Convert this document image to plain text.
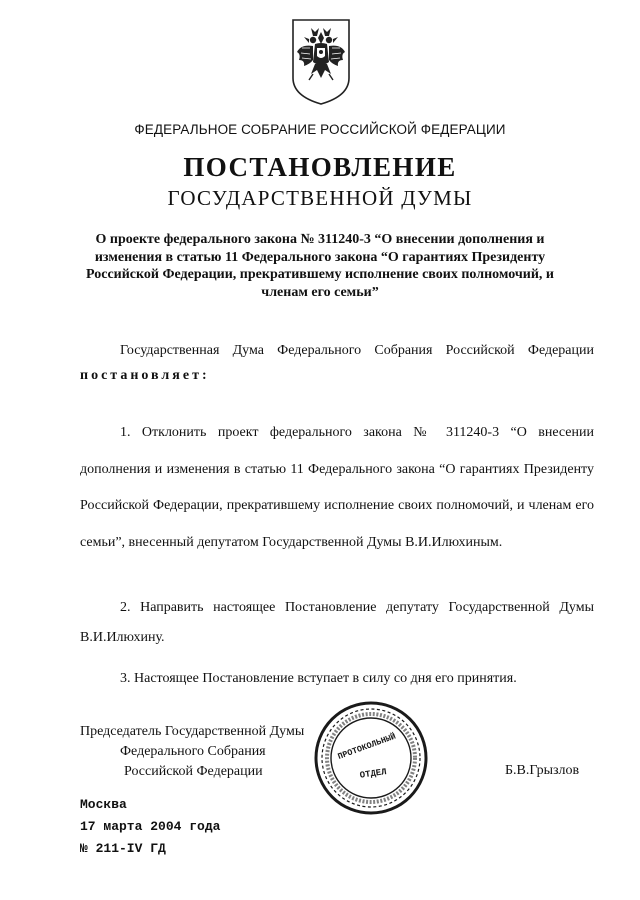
ФЕДЕРАЛЬНОЕ СОБРАНИЕ РОССИЙСКОЙ ФЕДЕРАЦИИ
ПОСТАНОВЛЕНИЕ
ГОСУДАРСТВЕННОЙ ДУМЫ
О проекте федерального закона № 311240-3 “О внесении дополнения и изменения в статью 11 Федерального закона “О гарантиях Президенту Российской Федерации, прекратившему исполнение своих полномочий, и членам его семьи”
Государственная Дума Федерального Собрания Российской Федерации постановляет:
1. Отклонить проект федерального закона № 311240-3 “О внесении дополнения и изменения в статью 11 Федерального закона “О гарантиях Президенту Российской Федерации, прекратившему исполнение своих полномочий, и членам его семьи”, внесенный депутатом Государственной Думы В.И.Илюхиным.
2. Направить настоящее Постановление депутату Государственной Думы В.И.Илюхину.
3. Настоящее Постановление вступает в силу со дня его принятия.
Председатель Государственной Думы
Федерального Собрания
Российской Федерации
ПРОТОКОЛЬНЫЙ
ОТДЕЛ	Б.В.Грызлов
Москва
17 марта 2004 года
№ 211-IV ГД
